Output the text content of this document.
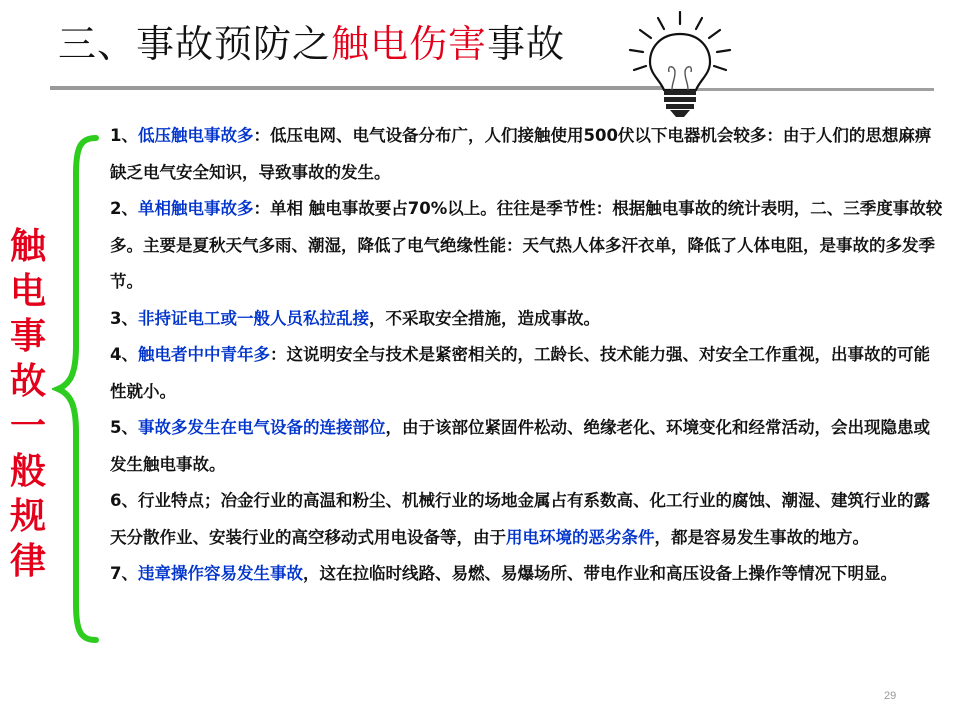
三、事故预防之触电伤害事故
触
电
事
故
一
般
规
律

1、低压触电事故多：低压电网、电气设备分布广，人们接触使用500伏以下电器机会较多：由于人们的思想麻痹缺乏电气安全知识，导致事故的发生。

2、单相触电事故多：单相 触电事故要占70%以上。往往是季节性：根据触电事故的统计表明，二、三季度事故较多。主要是夏秋天气多雨、潮湿，降低了电气绝缘性能：天气热人体多汗衣单，降低了人体电阻，是事故的多发季节。

3、非持证电工或一般人员私拉乱接，不采取安全措施，造成事故。

4、触电者中中青年多：这说明安全与技术是紧密相关的，工龄长、技术能力强、对安全工作重视，出事故的可能性就小。

5、事故多发生在电气设备的连接部位，由于该部位紧固件松动、绝缘老化、环境变化和经常活动，会出现隐患或发生触电事故。

6、行业特点；冶金行业的高温和粉尘、机械行业的场地金属占有系数高、化工行业的腐蚀、潮湿、建筑行业的露天分散作业、安装行业的高空移动式用电设备等，由于用电环境的恶劣条件，都是容易发生事故的地方。

7、违章操作容易发生事故，这在拉临时线路、易燃、易爆场所、带电作业和高压设备上操作等情况下明显。

29
